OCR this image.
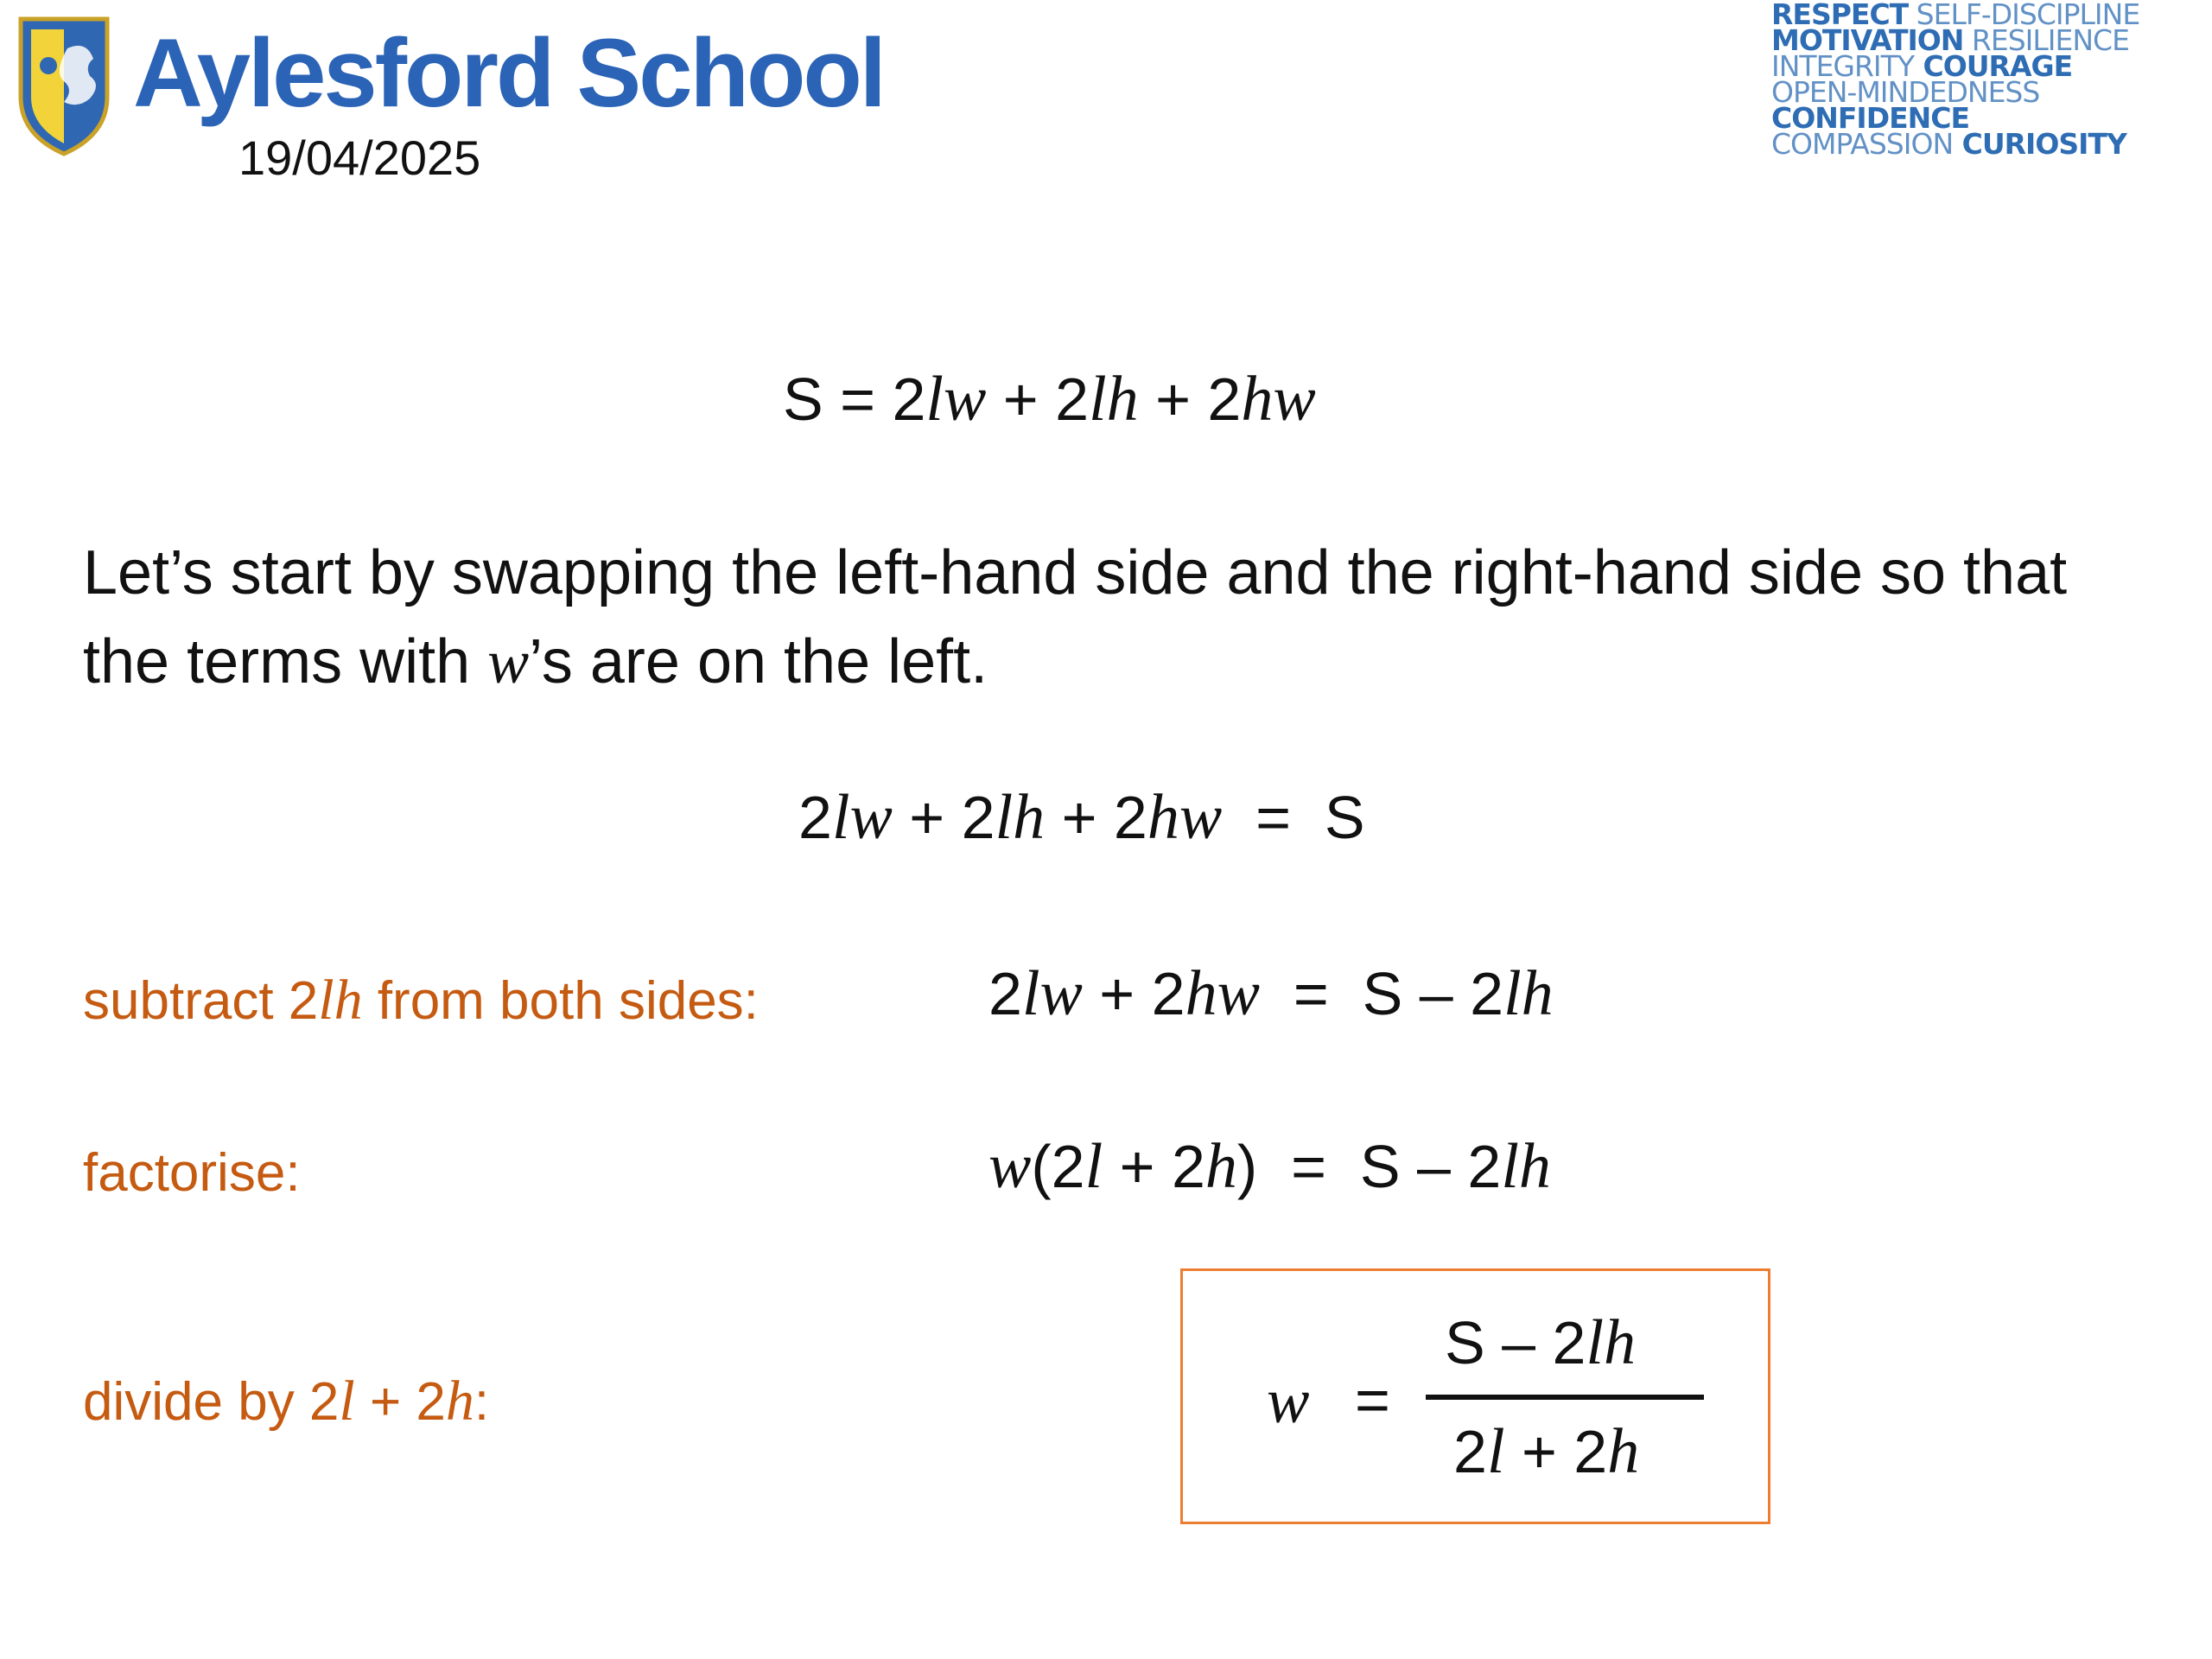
Aylesford School
19/04/2025
RESPECT SELF-DISCIPLINE
MOTIVATION RESILIENCE
INTEGRITY COURAGE
OPEN-MINDEDNESS
CONFIDENCE
COMPASSION CURIOSITY
S = 2lw + 2lh + 2hw
Let’s start by swapping the left-hand side and the right-hand side so that the terms with w’s are on the left.
2lw + 2lh + 2hw  =  S
subtract 2lh from both sides:	2lw + 2hw  =  S – 2lh
factorise:	w(2l + 2h)  =  S – 2lh
divide by 2l + 2h:	w =
S – 2lh
2l + 2h
